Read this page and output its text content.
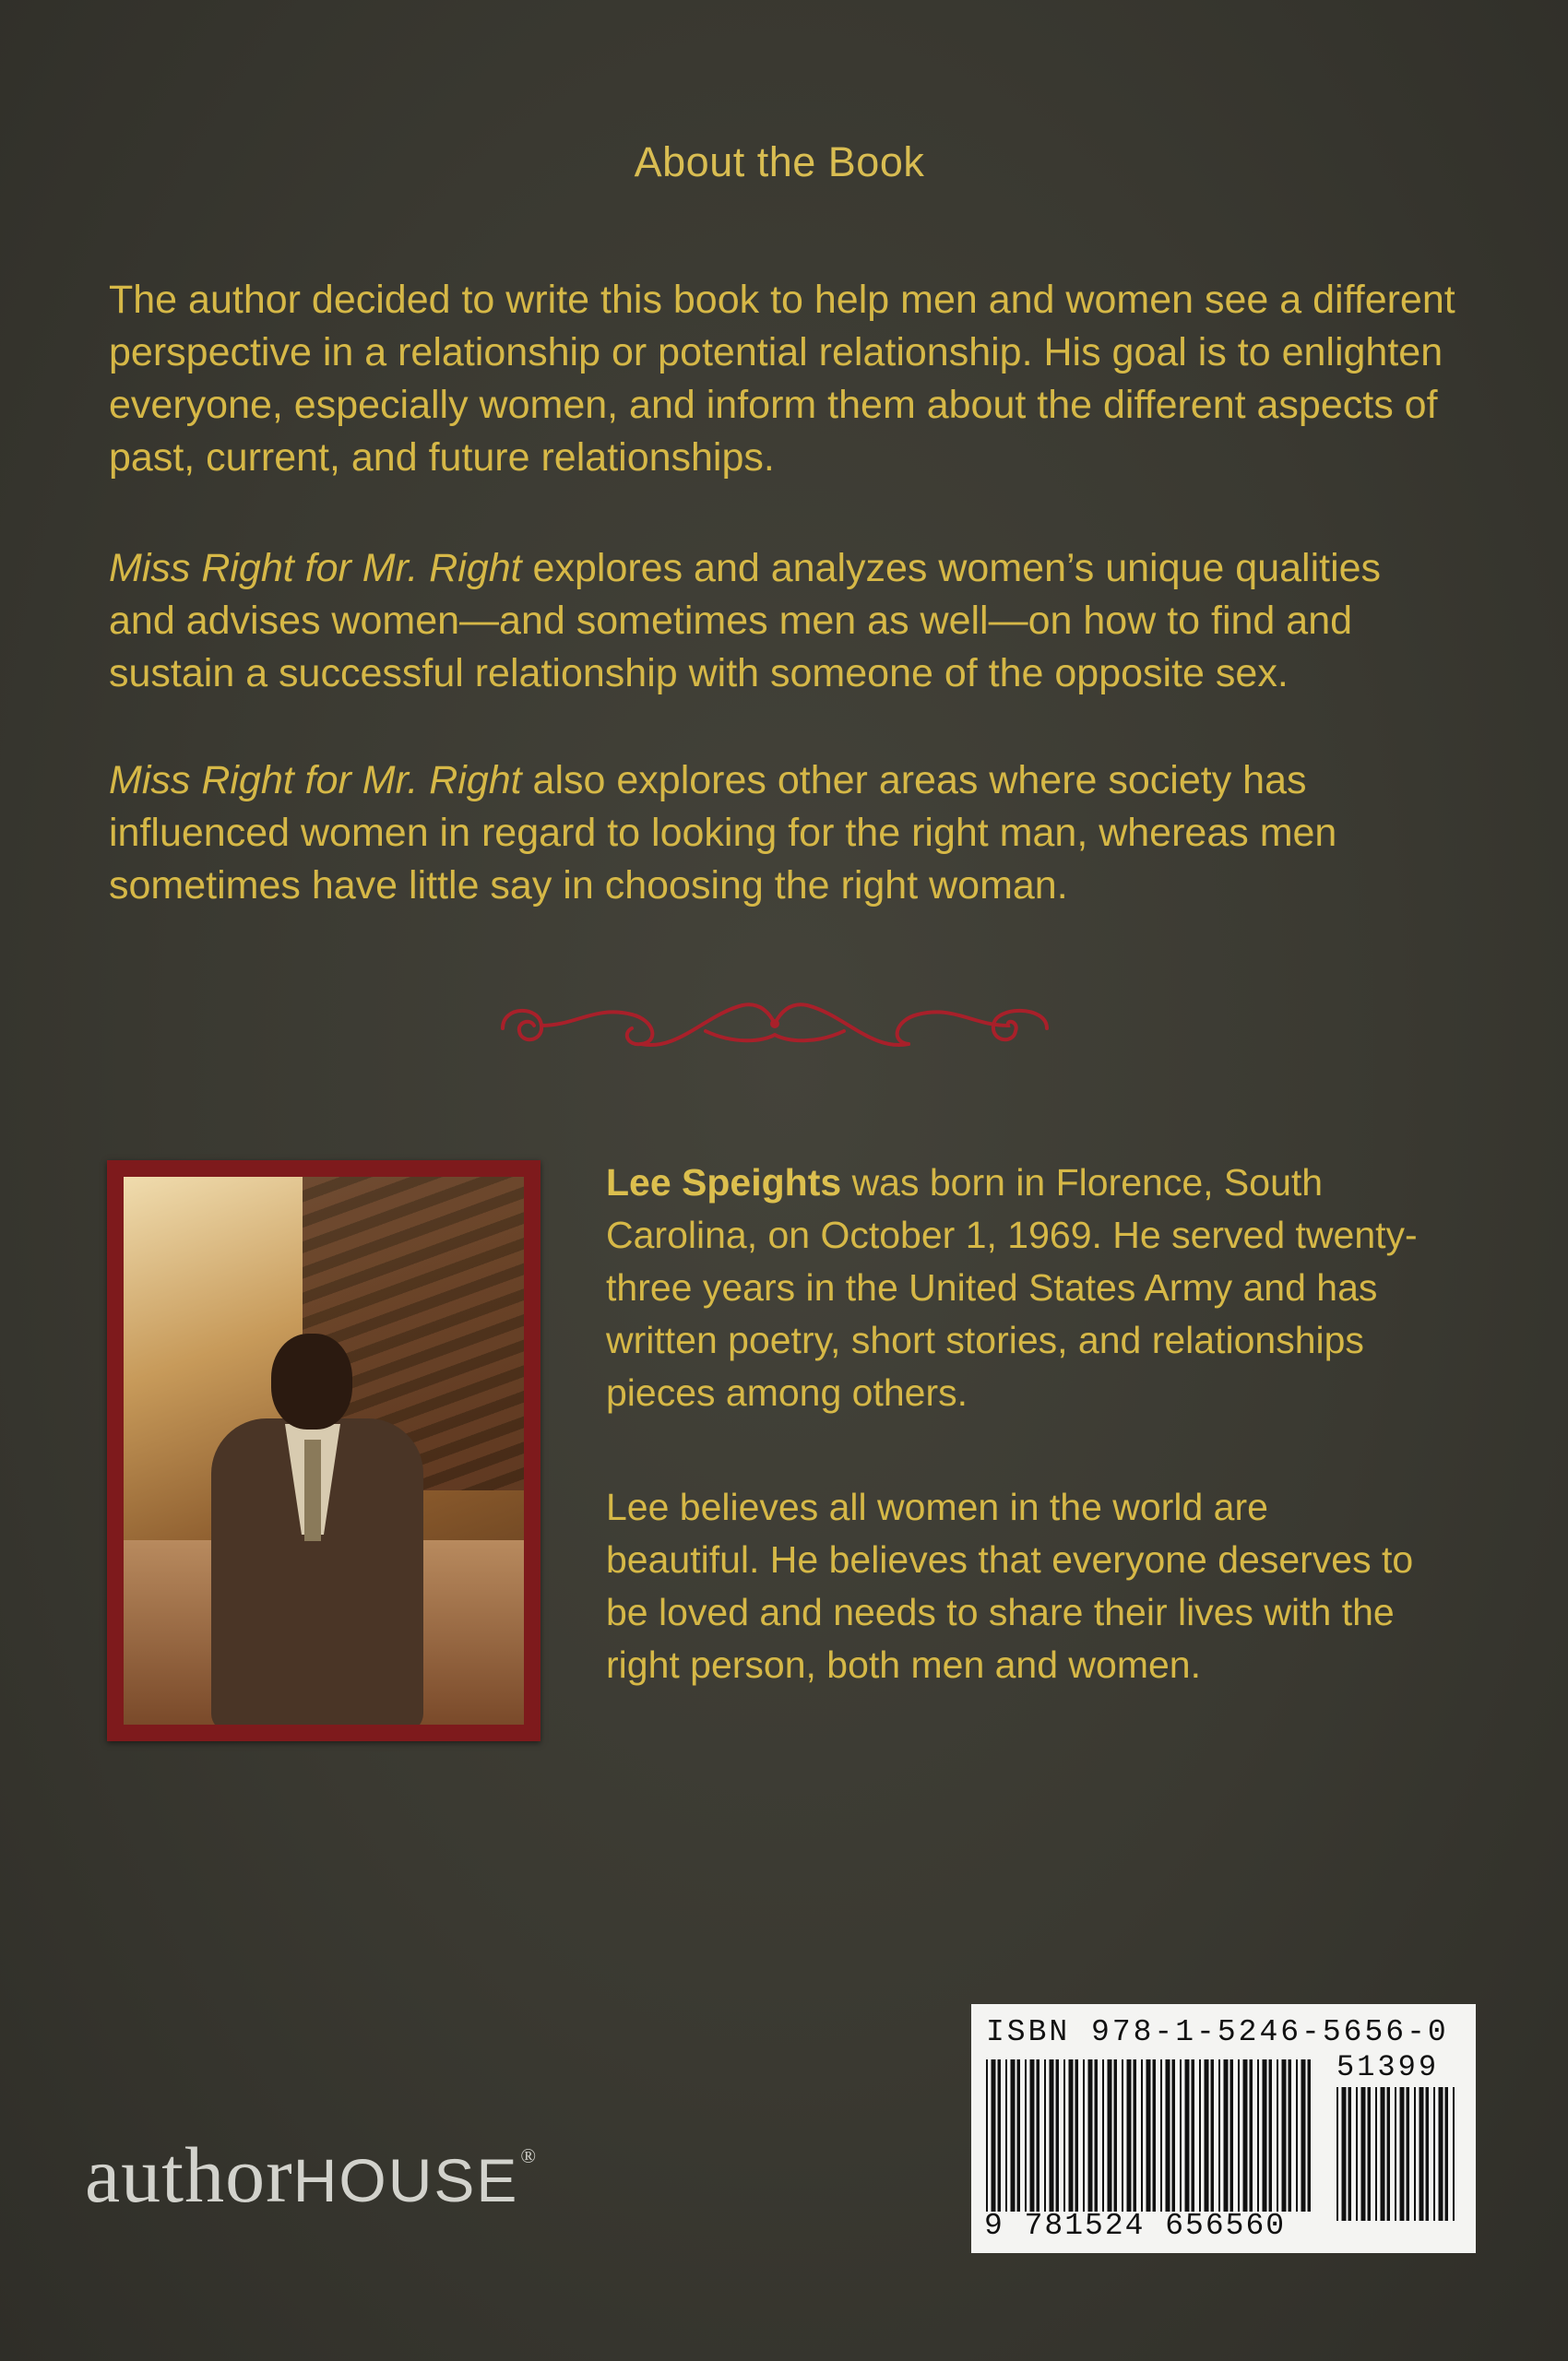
About the Book

The author decided to write this book to help men and women see a different perspective in a relationship or potential relationship. His goal is to enlighten everyone, especially women, and inform them about the different aspects of past, current, and future relationships.

Miss Right for Mr. Right explores and analyzes women’s unique qualities and advises women—and sometimes men as well—on how to find and sustain a successful relationship with someone of the opposite sex.

Miss Right for Mr. Right also explores other areas where society has influenced women in regard to looking for the right man, whereas men sometimes have little say in choosing the right woman.

Lee Speights was born in Florence, South Carolina, on October 1, 1969. He served twenty-three years in the United States Army and has written poetry, short stories, and relationships pieces among others.

Lee believes all women in the world are beautiful. He believes that everyone deserves to be loved and needs to share their lives with the right person, both men and women.

authorHOUSE®
ISBN 978-1-5246-5656-0
51399
9 781524 656560
